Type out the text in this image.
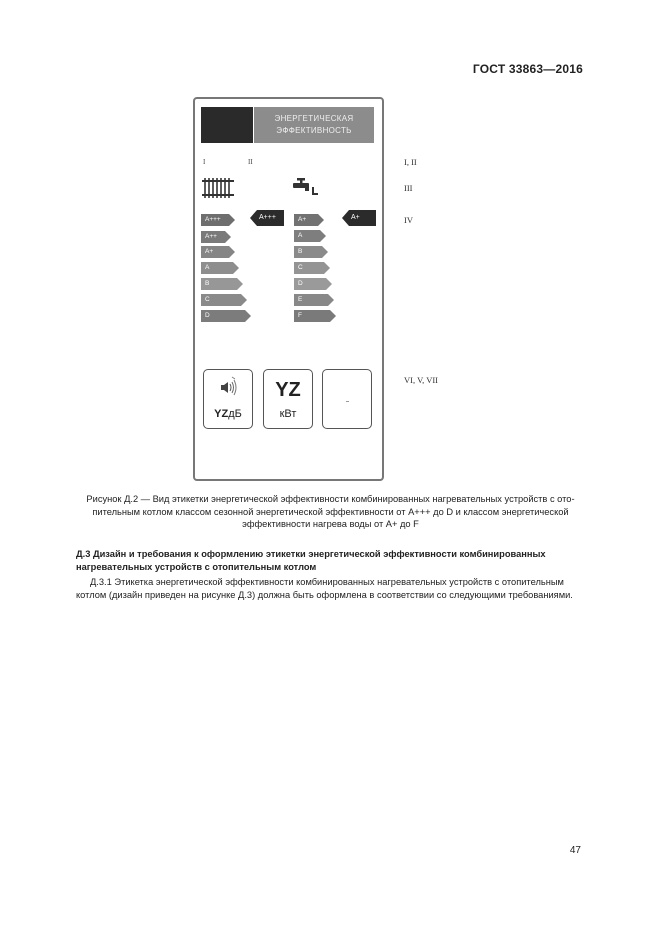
ГОСТ 33863—2016
ЭНЕРГЕТИЧЕСКАЯ
ЭФФЕКТИВНОСТЬ
I	II
A+++
A++
A+
A
B
C
D
A+++	A+
A
B
C
D
E
F
A+
YZдБ
YZ
кВт
I, II
III
IV
VI, V, VII
Рисунок Д.2 — Вид этикетки энергетической эффективности комбинированных нагревательных устройств с ото-
пительным котлом классом сезонной энергетической эффективности от A+++ до D и классом энергетической
эффективности нагрева воды от A+ до F
Д.3 Дизайн и требования к оформлению этикетки энергетической эффективности комбинированных
нагревательных устройств с отопительным котлом
Д.3.1 Этикетка энергетической эффективности комбинированных нагревательных устройств с отопительным
котлом (дизайн приведен на рисунке Д.3) должна быть оформлена в соответствии со следующими требованиями.
47
